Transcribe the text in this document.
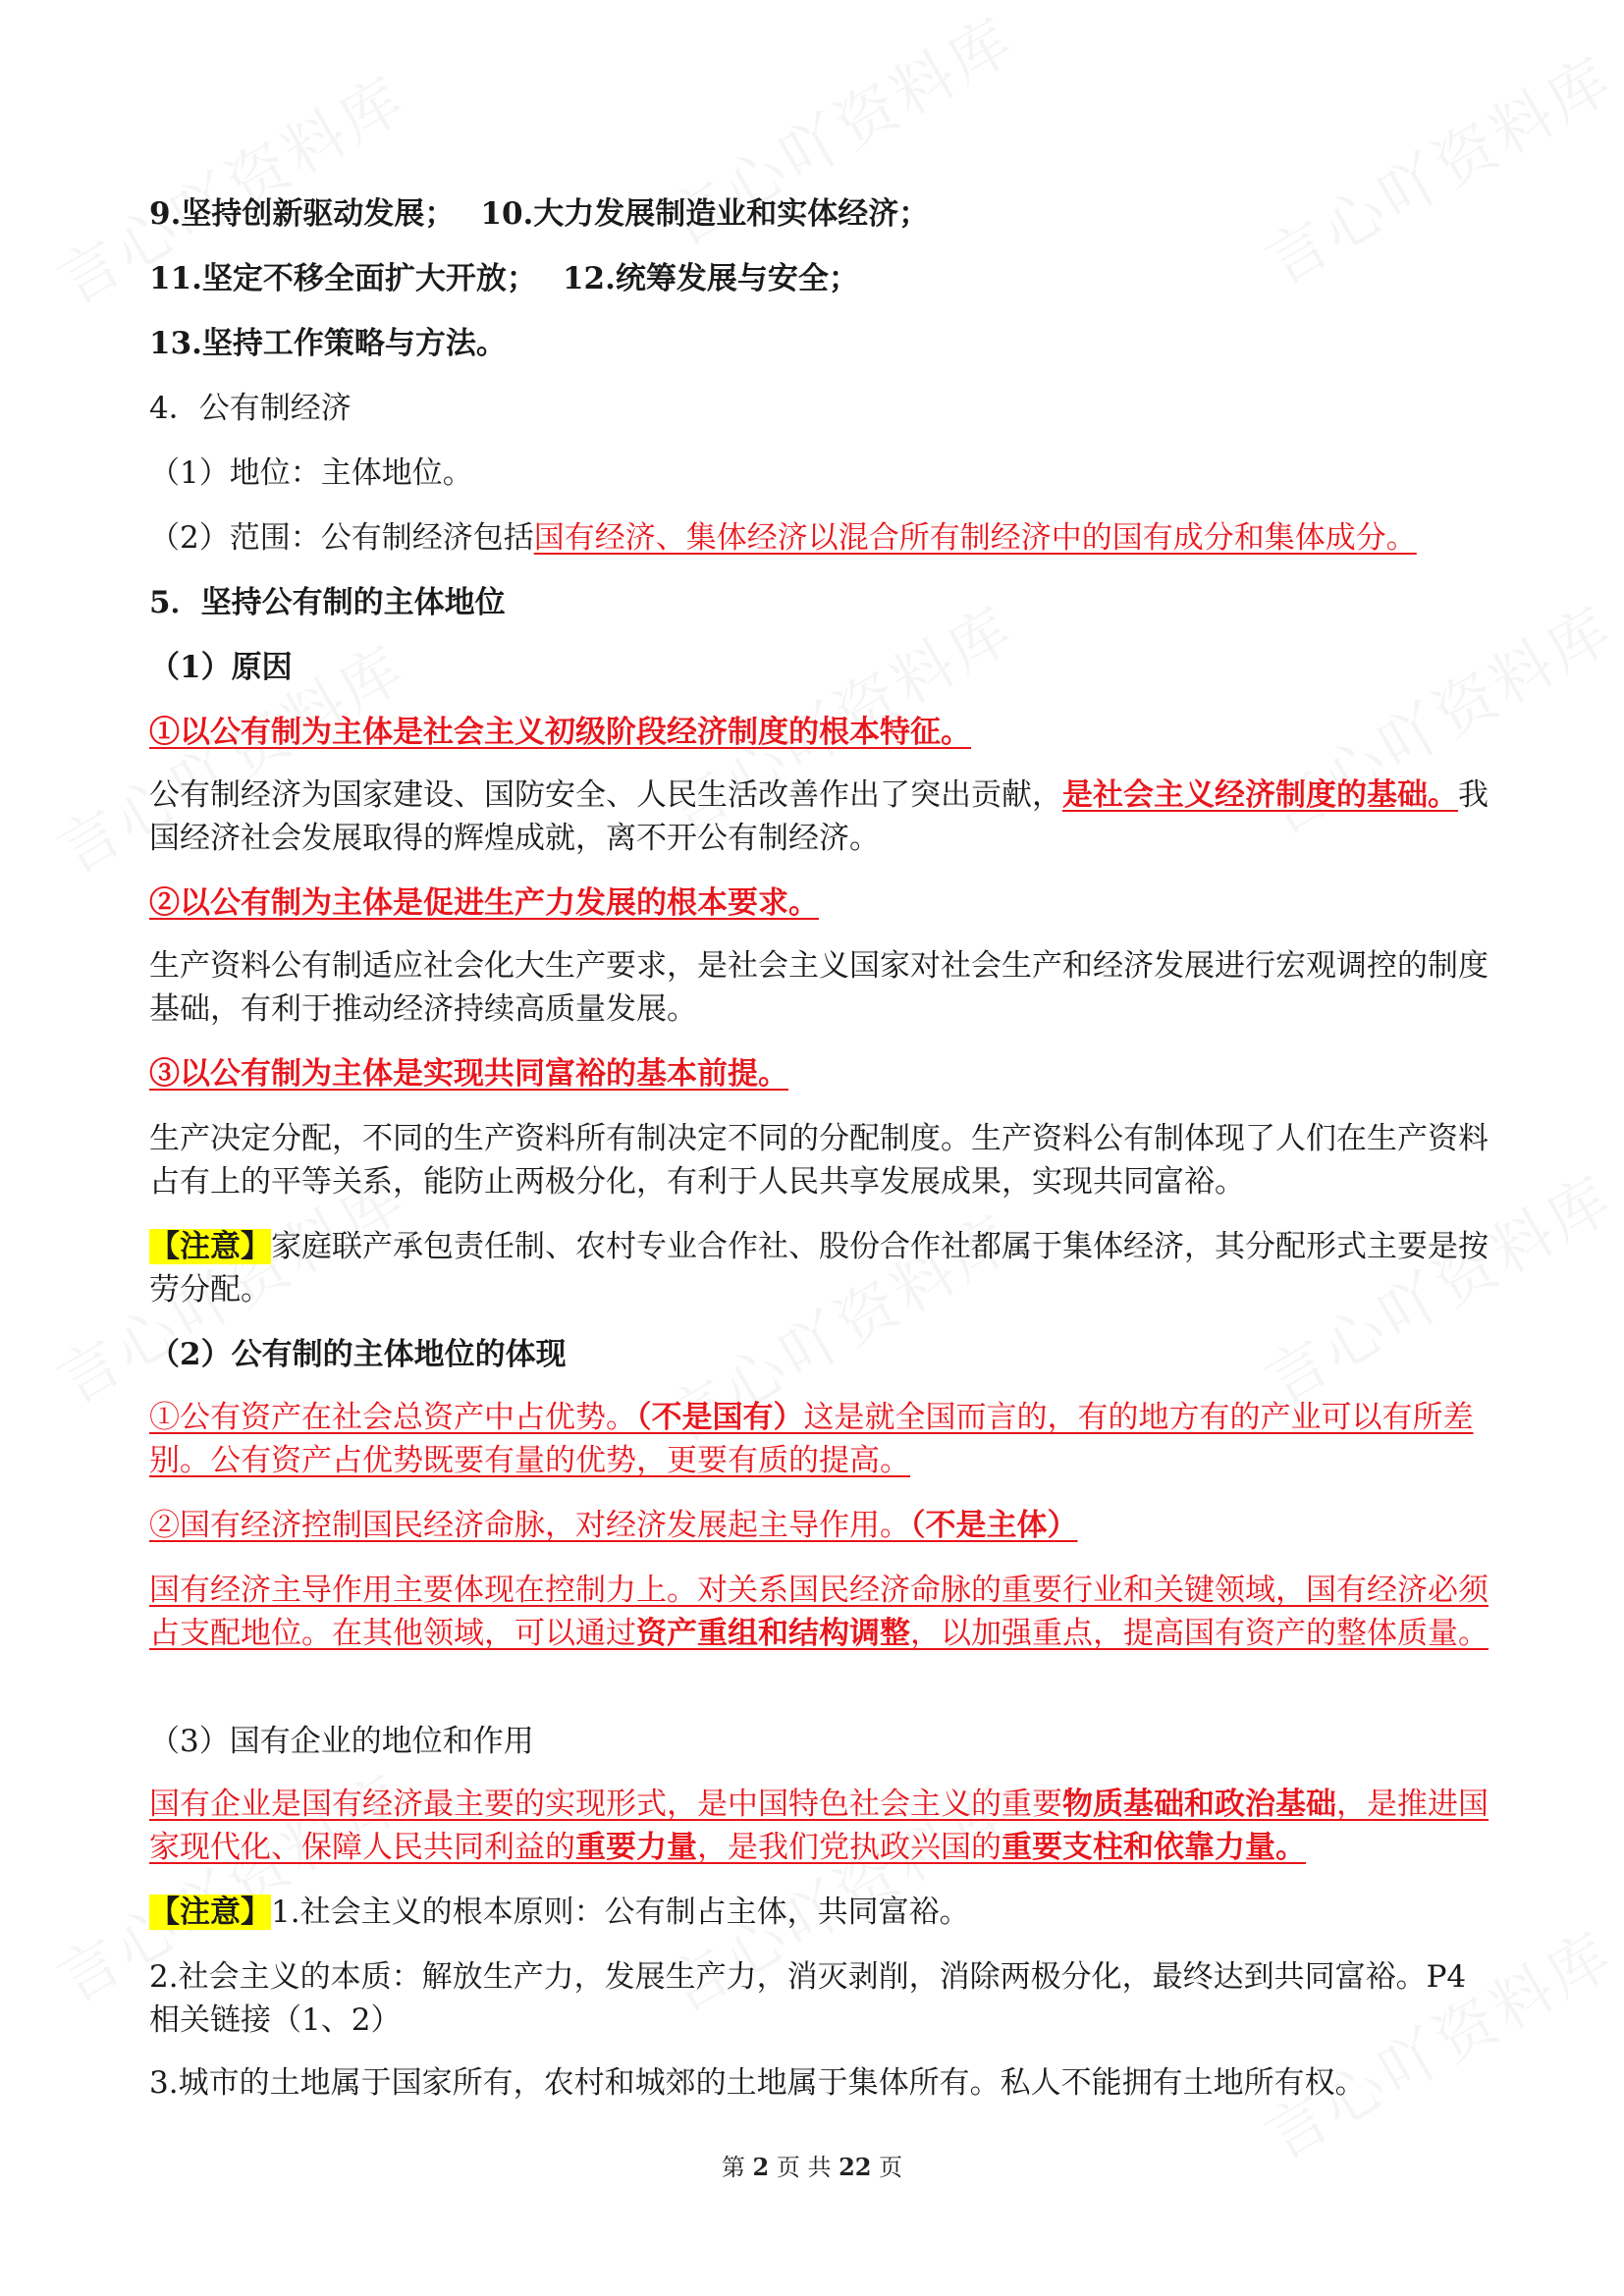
9.坚持创新驱动发展； 10.大力发展制造业和实体经济；

11.坚定不移全面扩大开放； 12.统筹发展与安全；

13.坚持工作策略与方法。

4．公有制经济

（1）地位：主体地位。

（2）范围：公有制经济包括国有经济、集体经济以混合所有制经济中的国有成分和集体成分。

5．坚持公有制的主体地位

（1）原因

①以公有制为主体是社会主义初级阶段经济制度的根本特征。

公有制经济为国家建设、国防安全、人民生活改善作出了突出贡献，是社会主义经济制度的基础。我国经济社会发展取得的辉煌成就，离不开公有制经济。

②以公有制为主体是促进生产力发展的根本要求。

生产资料公有制适应社会化大生产要求，是社会主义国家对社会生产和经济发展进行宏观调控的制度基础，有利于推动经济持续高质量发展。

③以公有制为主体是实现共同富裕的基本前提。

生产决定分配，不同的生产资料所有制决定不同的分配制度。生产资料公有制体现了人们在生产资料占有上的平等关系，能防止两极分化，有利于人民共享发展成果，实现共同富裕。

【注意】家庭联产承包责任制、农村专业合作社、股份合作社都属于集体经济，其分配形式主要是按劳分配。

（2）公有制的主体地位的体现

①公有资产在社会总资产中占优势。（不是国有）这是就全国而言的，有的地方有的产业可以有所差别。公有资产占优势既要有量的优势，更要有质的提高。

②国有经济控制国民经济命脉，对经济发展起主导作用。（不是主体）

国有经济主导作用主要体现在控制力上。对关系国民经济命脉的重要行业和关键领域，国有经济必须占支配地位。在其他领域，可以通过资产重组和结构调整，以加强重点，提高国有资产的整体质量。

（3）国有企业的地位和作用

国有企业是国有经济最主要的实现形式，是中国特色社会主义的重要物质基础和政治基础，是推进国家现代化、保障人民共同利益的重要力量，是我们党执政兴国的重要支柱和依靠力量。

【注意】1.社会主义的根本原则：公有制占主体，共同富裕。

2.社会主义的本质：解放生产力，发展生产力，消灭剥削，消除两极分化，最终达到共同富裕。P4 相关链接（1、2）

3.城市的土地属于国家所有，农村和城郊的土地属于集体所有。私人不能拥有土地所有权。

第 2 页 共 22 页
